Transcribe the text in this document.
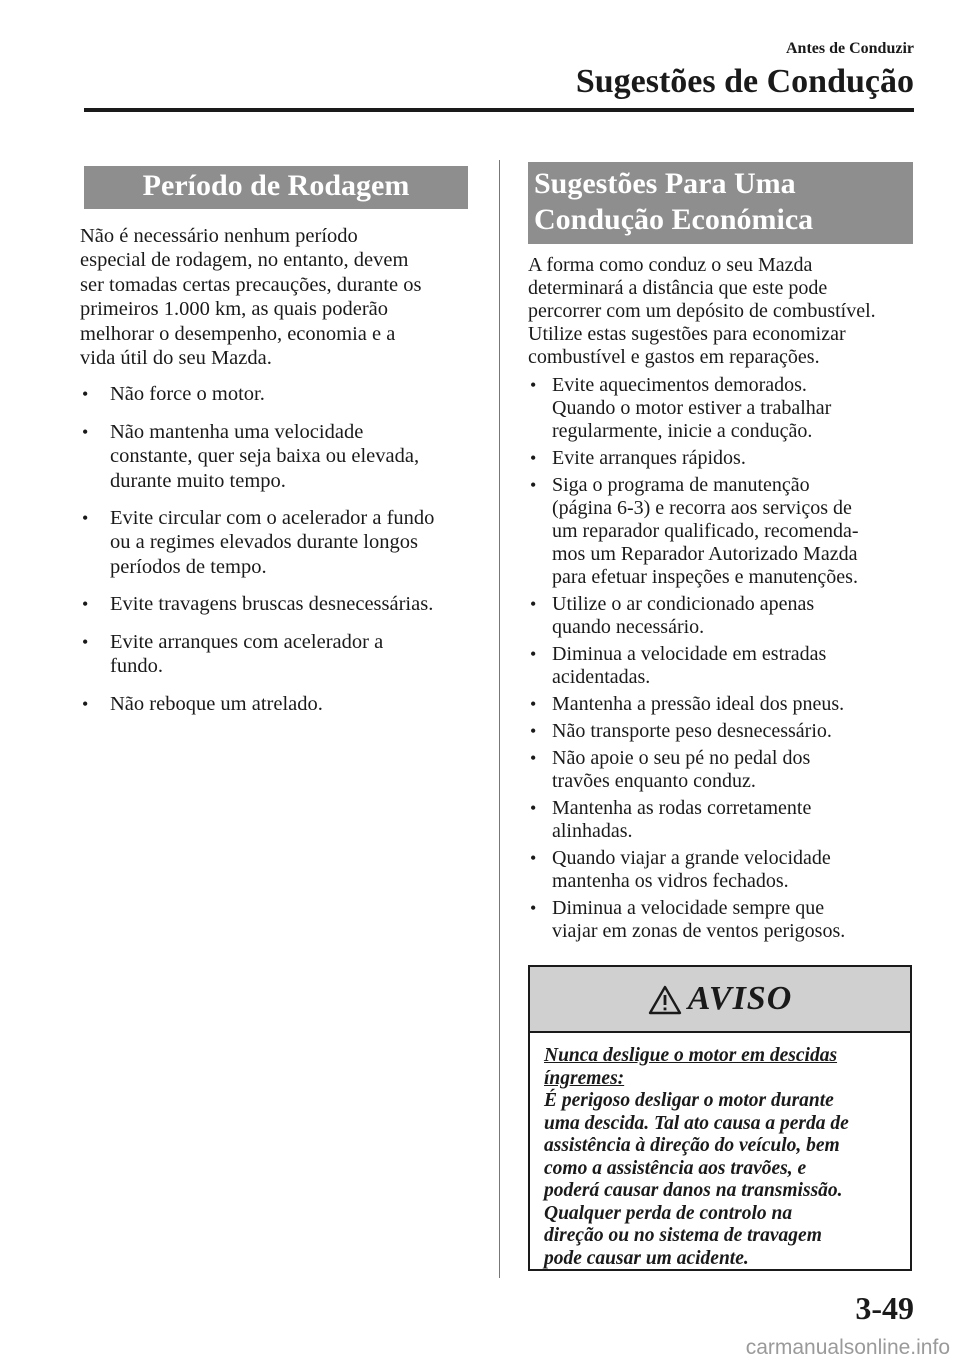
Antes de Conduzir
Sugestões de Condução
Período de Rodagem

Não é necessário nenhum período

especial de rodagem, no entanto, devem

ser tomadas certas precauções, durante os

primeiros 1.000 km, as quais poderão

melhorar o desempenho, economia e a

vida útil do seu Mazda.

• Não force o motor.
• Não mantenha uma velocidade
constante, quer seja baixa ou elevada,
durante muito tempo.
• Evite circular com o acelerador a fundo
ou a regimes elevados durante longos
períodos de tempo.
• Evite travagens bruscas desnecessárias.
• Evite arranques com acelerador a
fundo.
• Não reboque um atrelado.
Sugestões Para Uma
Condução Económica

A forma como conduz o seu Mazda

determinará a distância que este pode

percorrer com um depósito de combustível.

Utilize estas sugestões para economizar

combustível e gastos em reparações.

• Evite aquecimentos demorados.
Quando o motor estiver a trabalhar
regularmente, inicie a condução.
• Evite arranques rápidos.
• Siga o programa de manutenção
(página 6-3) e recorra aos serviços de
um reparador qualificado, recomenda-
mos um Reparador Autorizado Mazda
para efetuar inspeções e manutenções.
• Utilize o ar condicionado apenas
quando necessário.
• Diminua a velocidade em estradas
acidentadas.
• Mantenha a pressão ideal dos pneus.
• Não transporte peso desnecessário.
• Não apoie o seu pé no pedal dos
travões enquanto conduz.
• Mantenha as rodas corretamente
alinhadas.
• Quando viajar a grande velocidade
mantenha os vidros fechados.
• Diminua a velocidade sempre que
viajar em zonas de ventos perigosos.
AVISO
Nunca desligue o motor em descidas
íngremes:
É perigoso desligar o motor durante
uma descida. Tal ato causa a perda de
assistência à direção do veículo, bem
como a assistência aos travões, e
poderá causar danos na transmissão.
Qualquer perda de controlo na
direção ou no sistema de travagem
pode causar um acidente.
3-49
carmanualsonline.info
